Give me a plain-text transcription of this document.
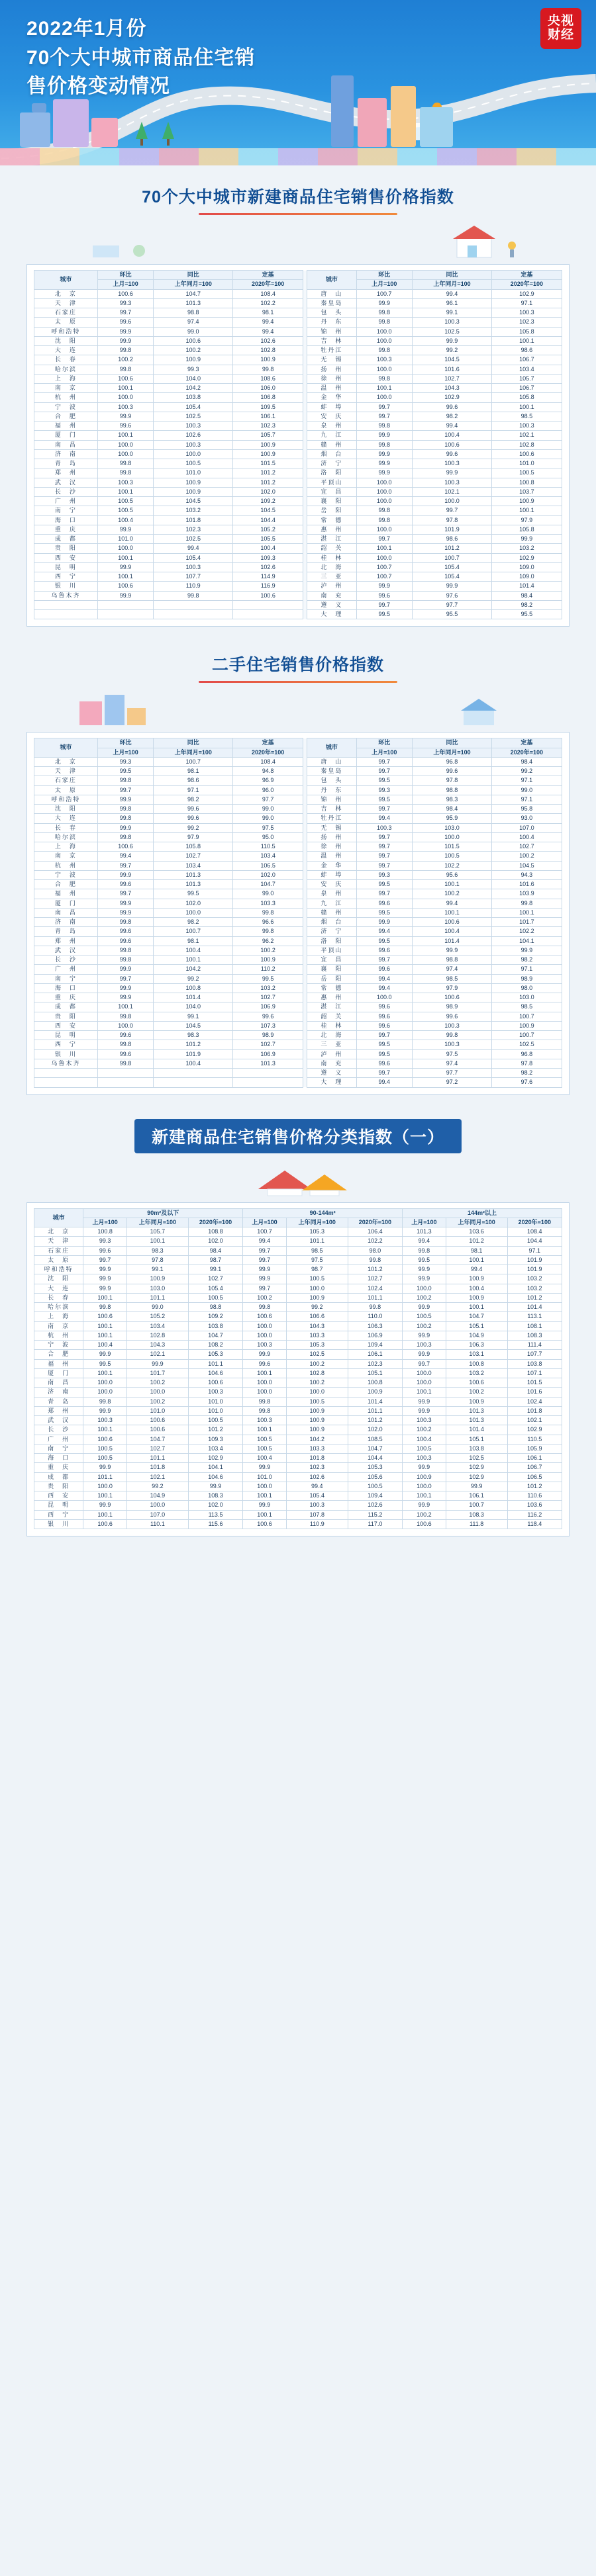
2022年1月份
70个大中城市商品住宅销
售价格变动情况
央视
财经
70个大中城市新建商品住宅销售价格指数
城市	环比	同比	定基		城市	环比	同比	定基
	上月=100	上年同月=100	2020年=100			上月=100	上年同月=100	2020年=100
北　京	100.6	104.7	108.4		唐　山	100.7	99.4	102.9
天　津	99.3	101.3	102.2		秦皇岛	99.9	96.1	97.1
石家庄	99.7	98.8	98.1		包　头	99.8	99.1	100.3
太　原	99.6	97.4	99.4		丹　东	99.8	100.3	102.3
呼和浩特	99.9	99.0	99.4		锦　州	100.0	102.5	105.8
沈　阳	99.9	100.6	102.6		吉　林	100.0	99.9	100.1
大　连	99.8	100.2	102.8		牡丹江	99.8	99.2	98.6
长　春	100.2	100.9	100.9		无　锡	100.3	104.5	106.7
哈尔滨	99.8	99.3	99.8		扬　州	100.0	101.6	103.4
上　海	100.6	104.0	108.6		徐　州	99.8	102.7	105.7
南　京	100.1	104.2	106.0		温　州	100.1	104.3	106.7
杭　州	100.0	103.8	106.8		金　华	100.0	102.9	105.8
宁　波	100.3	105.4	109.5		蚌　埠	99.7	99.6	100.1
合　肥	99.9	102.5	106.1		安　庆	99.7	98.2	98.5
福　州	99.6	100.3	102.3		泉　州	99.8	99.4	100.3
厦　门	100.1	102.6	105.7		九　江	99.9	100.4	102.1
南　昌	100.0	100.3	100.9		赣　州	99.8	100.6	102.8
济　南	100.0	100.0	100.9		烟　台	99.9	99.6	100.6
青　岛	99.8	100.5	101.5		济　宁	99.9	100.3	101.0
郑　州	99.8	101.0	101.2		洛　阳	99.9	99.9	100.5
武　汉	100.3	100.9	101.2		平顶山	100.0	100.3	100.8
长　沙	100.1	100.9	102.0		宜　昌	100.0	102.1	103.7
广　州	100.5	104.5	109.2		襄　阳	100.0	100.0	100.9
南　宁	100.5	103.2	104.5		岳　阳	99.8	99.7	100.1
海　口	100.4	101.8	104.4		常　德	99.8	97.8	97.9
重　庆	99.9	102.3	105.2		惠　州	100.0	101.9	105.8
成　都	101.0	102.5	105.5		湛　江	99.7	98.6	99.9
贵　阳	100.0	99.4	100.4		韶　关	100.1	101.2	103.2
西　安	100.1	105.4	109.3		桂　林	100.0	100.7	102.9
昆　明	99.9	100.3	102.6		北　海	100.7	105.4	109.0
西　宁	100.1	107.7	114.9		三　亚	100.7	105.4	109.0
银　川	100.6	110.9	116.9		泸　州	99.9	99.9	101.4
乌鲁木齐	99.9	99.8	100.6		南　充	99.6	97.6	98.4
					遵　义	99.7	97.7	98.2
					大　理	99.5	95.5	95.5
二手住宅销售价格指数
城市	环比	同比	定基		城市	环比	同比	定基
	上月=100	上年同月=100	2020年=100			上月=100	上年同月=100	2020年=100
北　京	99.3	100.7	108.4		唐　山	99.7	96.8	98.4
天　津	99.5	98.1	94.8		秦皇岛	99.7	99.6	99.2
石家庄	99.8	98.6	96.9		包　头	99.5	97.8	97.1
太　原	99.7	97.1	96.0		丹　东	99.3	98.8	99.0
呼和浩特	99.9	98.2	97.7		锦　州	99.5	98.3	97.1
沈　阳	99.8	99.6	99.0		吉　林	99.7	98.4	95.8
大　连	99.8	99.6	99.0		牡丹江	99.4	95.9	93.0
长　春	99.9	99.2	97.5		无　锡	100.3	103.0	107.0
哈尔滨	99.8	97.9	95.0		扬　州	99.7	100.0	100.4
上　海	100.6	105.8	110.5		徐　州	99.7	101.5	102.7
南　京	99.4	102.7	103.4		温　州	99.7	100.5	100.2
杭　州	99.7	103.4	106.5		金　华	99.7	102.2	104.5
宁　波	99.9	101.3	102.0		蚌　埠	99.3	95.6	94.3
合　肥	99.6	101.3	104.7		安　庆	99.5	100.1	101.6
福　州	99.7	99.5	99.0		泉　州	99.7	100.2	103.9
厦　门	99.9	102.0	103.3		九　江	99.6	99.4	99.8
南　昌	99.9	100.0	99.8		赣　州	99.5	100.1	100.1
济　南	99.8	98.2	96.6		烟　台	99.9	100.6	101.7
青　岛	99.6	100.7	99.8		济　宁	99.4	100.4	102.2
郑　州	99.6	98.1	96.2		洛　阳	99.5	101.4	104.1
武　汉	99.8	100.4	100.2		平顶山	99.6	99.9	99.9
长　沙	99.8	100.1	100.9		宜　昌	99.7	98.8	98.2
广　州	99.9	104.2	110.2		襄　阳	99.6	97.4	97.1
南　宁	99.7	99.2	99.5		岳　阳	99.4	98.5	98.9
海　口	99.9	100.8	103.2		常　德	99.4	97.9	98.0
重　庆	99.9	101.4	102.7		惠　州	100.0	100.6	103.0
成　都	100.1	104.0	106.9		湛　江	99.6	98.9	98.5
贵　阳	99.8	99.1	99.6		韶　关	99.6	99.6	100.7
西　安	100.0	104.5	107.3		桂　林	99.6	100.3	100.9
昆　明	99.6	98.3	98.9		北　海	99.7	99.8	100.7
西　宁	99.8	101.2	102.7		三　亚	99.5	100.3	102.5
银　川	99.6	101.9	106.9		泸　州	99.5	97.5	96.8
乌鲁木齐	99.8	100.4	101.3		南　充	99.6	97.4	97.8
					遵　义	99.7	97.7	98.2
					大　理	99.4	97.2	97.6
新建商品住宅销售价格分类指数（一）
城市	90m²及以下			90-144m²			144m²以上		
	上月=100	上年同月=100	2020年=100	上月=100	上年同月=100	2020年=100	上月=100	上年同月=100	2020年=100
北　京	100.8	105.7	108.8	100.7	105.3	106.4	101.3	103.6	108.4
天　津	99.3	100.1	102.0	99.4	101.1	102.2	99.4	101.2	104.4
石家庄	99.6	98.3	98.4	99.7	98.5	98.0	99.8	98.1	97.1
太　原	99.7	97.8	98.7	99.7	97.5	99.8	99.5	100.1	101.9
呼和浩特	99.9	99.1	99.1	99.9	98.7	101.2	99.9	99.4	101.9
沈　阳	99.9	100.9	102.7	99.9	100.5	102.7	99.9	100.9	103.2
大　连	99.9	103.0	105.4	99.7	100.0	102.4	100.0	100.4	103.2
长　春	100.1	101.1	100.5	100.2	100.9	101.1	100.2	100.9	101.2
哈尔滨	99.8	99.0	98.8	99.8	99.2	99.8	99.9	100.1	101.4
上　海	100.6	105.2	109.2	100.6	106.6	110.0	100.5	104.7	113.1
南　京	100.1	103.4	103.8	100.0	104.3	106.3	100.2	105.1	108.1
杭　州	100.1	102.8	104.7	100.0	103.3	106.9	99.9	104.9	108.3
宁　波	100.4	104.3	108.2	100.3	105.3	109.4	100.3	106.3	111.4
合　肥	99.9	102.1	105.3	99.9	102.5	106.1	99.9	103.1	107.7
福　州	99.5	99.9	101.1	99.6	100.2	102.3	99.7	100.8	103.8
厦　门	100.1	101.7	104.6	100.1	102.8	105.1	100.0	103.2	107.1
南　昌	100.0	100.2	100.6	100.0	100.2	100.8	100.0	100.6	101.5
济　南	100.0	100.0	100.3	100.0	100.0	100.9	100.1	100.2	101.6
青　岛	99.8	100.2	101.0	99.8	100.5	101.4	99.9	100.9	102.4
郑　州	99.9	101.0	101.0	99.8	100.9	101.1	99.9	101.3	101.8
武　汉	100.3	100.6	100.5	100.3	100.9	101.2	100.3	101.3	102.1
长　沙	100.1	100.6	101.2	100.1	100.9	102.0	100.2	101.4	102.9
广　州	100.6	104.7	109.3	100.5	104.2	108.5	100.4	105.1	110.5
南　宁	100.5	102.7	103.4	100.5	103.3	104.7	100.5	103.8	105.9
海　口	100.5	101.1	102.9	100.4	101.8	104.4	100.3	102.5	106.1
重　庆	99.9	101.8	104.1	99.9	102.3	105.3	99.9	102.9	106.7
成　都	101.1	102.1	104.6	101.0	102.6	105.6	100.9	102.9	106.5
贵　阳	100.0	99.2	99.9	100.0	99.4	100.5	100.0	99.9	101.2
西　安	100.1	104.9	108.3	100.1	105.4	109.4	100.1	106.1	110.6
昆　明	99.9	100.0	102.0	99.9	100.3	102.6	99.9	100.7	103.6
西　宁	100.1	107.0	113.5	100.1	107.8	115.2	100.2	108.3	116.2
银　川	100.6	110.1	115.6	100.6	110.9	117.0	100.6	111.8	118.4
